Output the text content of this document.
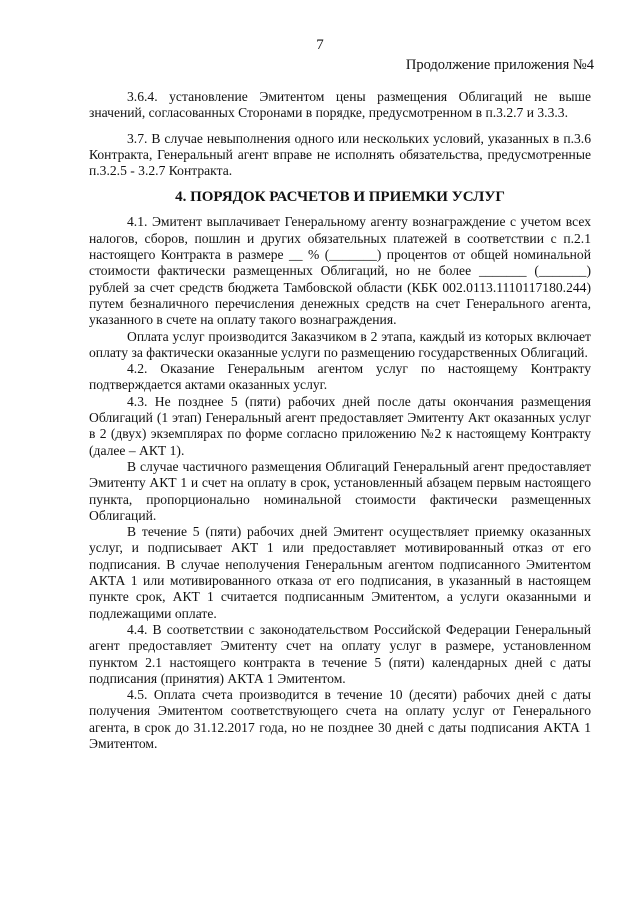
7
Продолжение приложения №4

3.6.4. установление Эмитентом цены размещения Облигаций не выше значений, согласованных Сторонами в порядке, предусмотренном в п.3.2.7 и 3.3.3.

3.7. В случае невыполнения одного или нескольких условий, указанных в п.3.6 Контракта, Генеральный агент вправе не исполнять обязательства, предусмотренные п.3.2.5 - 3.2.7 Контракта.

4. ПОРЯДОК РАСЧЕТОВ И ПРИЕМКИ УСЛУГ

4.1. Эмитент выплачивает Генеральному агенту вознаграждение с учетом всех налогов, сборов, пошлин и других обязательных платежей в соответствии с п.2.1 настоящего Контракта в размере __ % (_______) процентов от общей номинальной стоимости фактически размещенных Облигаций, но не более _______ (_______) рублей за счет средств бюджета Тамбовской области (КБК 002.0113.1110117180.244) путем безналичного перечисления денежных средств на счет Генерального агента, указанного в счете на оплату такого вознаграждения.

Оплата услуг производится Заказчиком в 2 этапа, каждый из которых включает оплату за фактически оказанные услуги по размещению государственных Облигаций.

4.2. Оказание Генеральным агентом услуг по настоящему Контракту подтверждается актами оказанных услуг.

4.3. Не позднее 5 (пяти) рабочих дней после даты окончания размещения Облигаций (1 этап) Генеральный агент предоставляет Эмитенту Акт оказанных услуг в 2 (двух) экземплярах по форме согласно приложению №2 к настоящему Контракту (далее – АКТ 1).

В случае частичного размещения Облигаций Генеральный агент предоставляет Эмитенту АКТ 1 и счет на оплату в срок, установленный абзацем первым настоящего пункта, пропорционально номинальной стоимости фактически размещенных Облигаций.

В течение 5 (пяти) рабочих дней Эмитент осуществляет приемку оказанных услуг, и подписывает АКТ 1 или предоставляет мотивированный отказ от его подписания. В случае неполучения Генеральным агентом подписанного Эмитентом АКТА 1 или мотивированного отказа от его подписания, в указанный в настоящем пункте срок, АКТ 1 считается подписанным Эмитентом, а услуги оказанными и подлежащими оплате.

4.4. В соответствии с законодательством Российской Федерации Генеральный агент предоставляет Эмитенту счет на оплату услуг в размере, установленном пунктом 2.1 настоящего контракта в течение 5 (пяти) календарных дней с даты подписания (принятия) АКТА 1 Эмитентом.

4.5. Оплата счета производится в течение 10 (десяти) рабочих дней с даты получения Эмитентом соответствующего счета на оплату услуг от Генерального агента, в срок до 31.12.2017 года, но не позднее 30 дней с даты подписания АКТА 1 Эмитентом.
